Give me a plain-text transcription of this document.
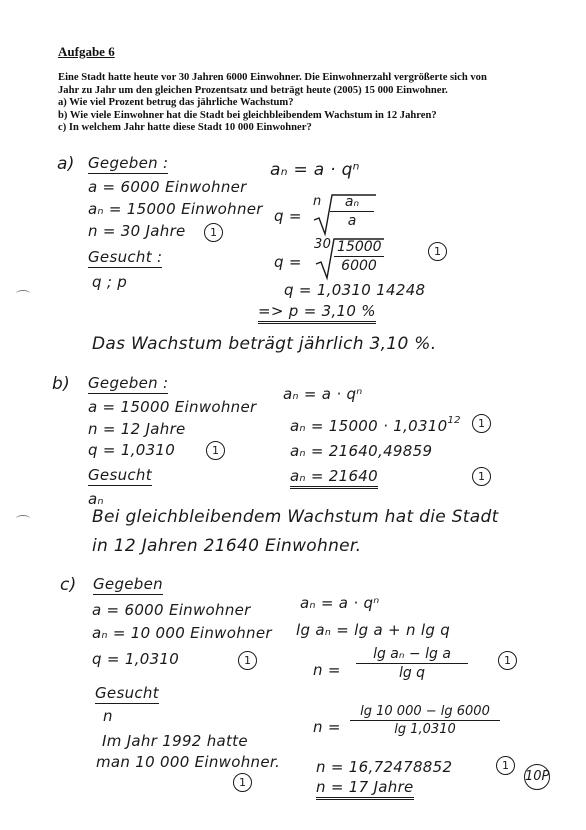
Aufgabe 6
Eine Stadt hatte heute vor 30 Jahren 6000 Einwohner. Die Einwohnerzahl vergrößerte sich von
Jahr zu Jahr um den gleichen Prozentsatz und beträgt heute (2005) 15 000 Einwohner.
a) Wie viel Prozent betrug das jährliche Wachstum?
b) Wie viele Einwohner hat die Stadt bei gleichbleibendem Wachstum in 12 Jahren?
c) In welchem Jahr hatte diese Stadt 10 000 Einwohner?
a) Gegeben :
a = 6000 Einwohner
aₙ = 15000 Einwohner
n = 30 Jahre	1
Gesucht :
q ; p
aₙ = a · qⁿ
q =
n $\frac{\text{aₙ}}{a}$
q =
$30 \frac{15000}{6000}$	1
q = 1,0310 14248
=> p = 3,10 %
Das Wachstum beträgt jährlich 3,10 %.
b) Gegeben :
a = 15000 Einwohner
n = 12 Jahre
q = 1,0310	1
Gesucht
aₙ
aₙ = a · qⁿ
$a_n = 15000 \cdot 1,0310^{12}$	1
aₙ = 21640,49859
aₙ = 21640	1
Bei gleichbleibendem Wachstum hat die Stadt
in 12 Jahren 21640 Einwohner.
c) Gegeben
a = 6000 Einwohner
aₙ = 10 000 Einwohner
q = 1,0310	1
Gesucht
n
aₙ = a · qⁿ
lg aₙ = lg a + n lg q
$n = \frac{\text{lg aₙ − lg a}}{\text{lg q}}$	1
$n = \frac{\lg 10 000 - \lg 6000}{\lg 1,0310}$
Im Jahr 1992 hatte
man 10 000 Einwohner.
1
n = 16,72478852	1
n = 17 Jahre
10P
